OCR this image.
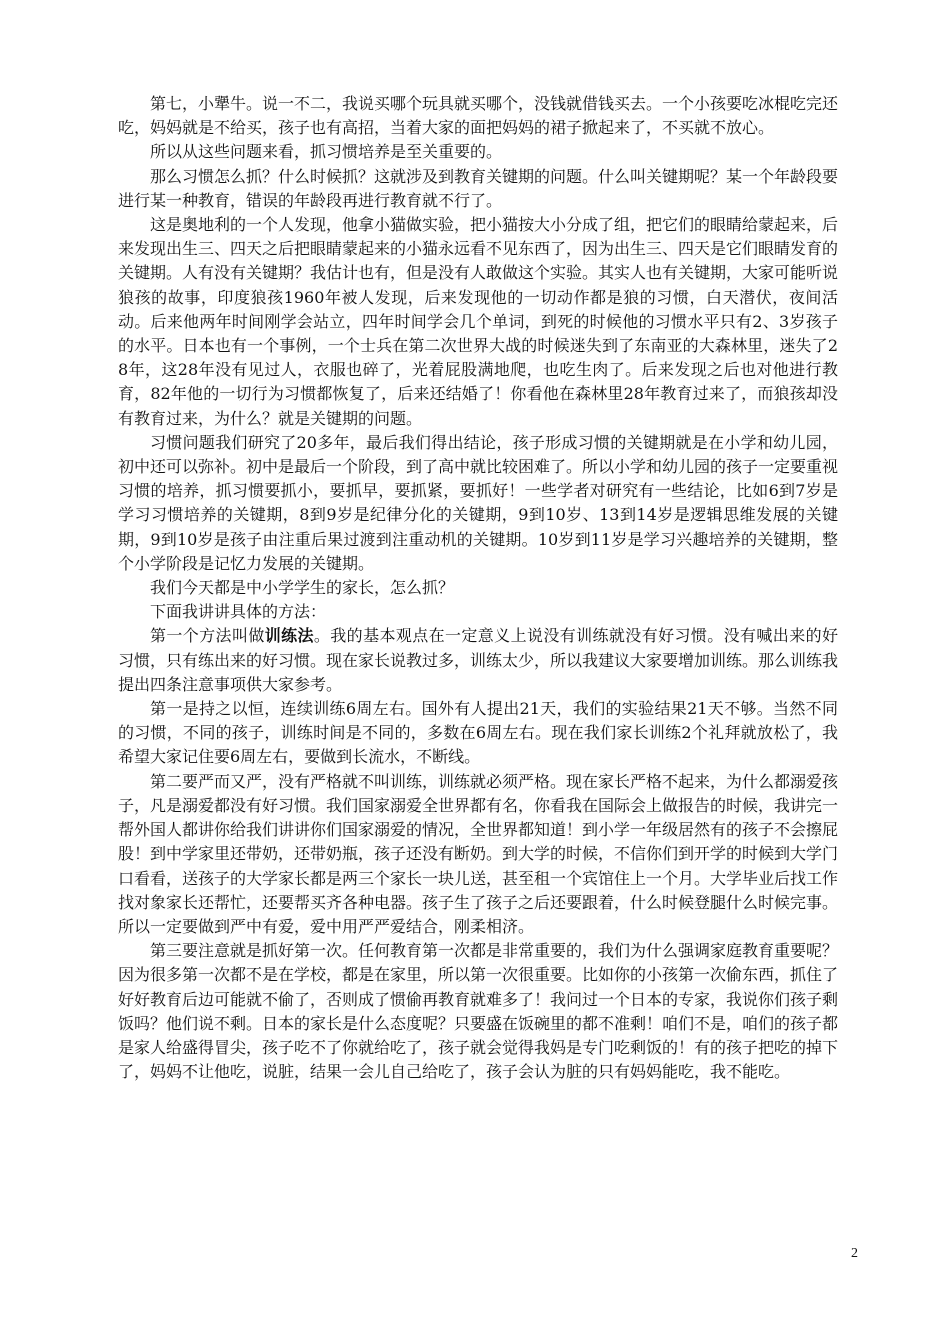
第七，小犟牛。说一不二，我说买哪个玩具就买哪个，没钱就借钱买去。一个小孩要吃冰棍吃完还吃，妈妈就是不给买，孩子也有高招，当着大家的面把妈妈的裙子掀起来了，不买就不放心。

所以从这些问题来看，抓习惯培养是至关重要的。

那么习惯怎么抓？什么时候抓？这就涉及到教育关键期的问题。什么叫关键期呢？某一个年龄段要进行某一种教育，错误的年龄段再进行教育就不行了。

这是奥地利的一个人发现，他拿小猫做实验，把小猫按大小分成了组，把它们的眼睛给蒙起来，后来发现出生三、四天之后把眼睛蒙起来的小猫永远看不见东西了，因为出生三、四天是它们眼睛发育的关键期。人有没有关键期？我估计也有，但是没有人敢做这个实验。其实人也有关键期，大家可能听说狼孩的故事，印度狼孩1960年被人发现，后来发现他的一切动作都是狼的习惯，白天潜伏，夜间活动。后来他两年时间刚学会站立，四年时间学会几个单词，到死的时候他的习惯水平只有2、3岁孩子的水平。日本也有一个事例，一个士兵在第二次世界大战的时候迷失到了东南亚的大森林里，迷失了28年，这28年没有见过人，衣服也碎了，光着屁股满地爬，也吃生肉了。后来发现之后也对他进行教育，82年他的一切行为习惯都恢复了，后来还结婚了！你看他在森林里28年教育过来了，而狼孩却没有教育过来，为什么？就是关键期的问题。

习惯问题我们研究了20多年，最后我们得出结论，孩子形成习惯的关键期就是在小学和幼儿园，初中还可以弥补。初中是最后一个阶段，到了高中就比较困难了。所以小学和幼儿园的孩子一定要重视习惯的培养，抓习惯要抓小，要抓早，要抓紧，要抓好！一些学者对研究有一些结论，比如6到7岁是学习习惯培养的关键期，8到9岁是纪律分化的关键期，9到10岁、13到14岁是逻辑思维发展的关键期，9到10岁是孩子由注重后果过渡到注重动机的关键期。10岁到11岁是学习兴趣培养的关键期，整个小学阶段是记忆力发展的关键期。

我们今天都是中小学学生的家长，怎么抓？

下面我讲讲具体的方法：

第一个方法叫做训练法。我的基本观点在一定意义上说没有训练就没有好习惯。没有喊出来的好习惯，只有练出来的好习惯。现在家长说教过多，训练太少，所以我建议大家要增加训练。那么训练我提出四条注意事项供大家参考。

第一是持之以恒，连续训练6周左右。国外有人提出21天，我们的实验结果21天不够。当然不同的习惯，不同的孩子，训练时间是不同的，多数在6周左右。现在我们家长训练2个礼拜就放松了，我希望大家记住要6周左右，要做到长流水，不断线。

第二要严而又严，没有严格就不叫训练，训练就必须严格。现在家长严格不起来，为什么都溺爱孩子，凡是溺爱都没有好习惯。我们国家溺爱全世界都有名，你看我在国际会上做报告的时候，我讲完一帮外国人都讲你给我们讲讲你们国家溺爱的情况，全世界都知道！到小学一年级居然有的孩子不会擦屁股！到中学家里还带奶，还带奶瓶，孩子还没有断奶。到大学的时候，不信你们到开学的时候到大学门口看看，送孩子的大学家长都是两三个家长一块儿送，甚至租一个宾馆住上一个月。大学毕业后找工作找对象家长还帮忙，还要帮买齐各种电器。孩子生了孩子之后还要跟着，什么时候登腿什么时候完事。所以一定要做到严中有爱，爱中用严严爱结合，刚柔相济。

第三要注意就是抓好第一次。任何教育第一次都是非常重要的，我们为什么强调家庭教育重要呢？因为很多第一次都不是在学校，都是在家里，所以第一次很重要。比如你的小孩第一次偷东西，抓住了好好教育后边可能就不偷了，否则成了惯偷再教育就难多了！我问过一个日本的专家，我说你们孩子剩饭吗？他们说不剩。日本的家长是什么态度呢？只要盛在饭碗里的都不准剩！咱们不是，咱们的孩子都是家人给盛得冒尖，孩子吃不了你就给吃了，孩子就会觉得我妈是专门吃剩饭的！有的孩子把吃的掉下了，妈妈不让他吃，说脏，结果一会儿自己给吃了，孩子会认为脏的只有妈妈能吃，我不能吃。

2
